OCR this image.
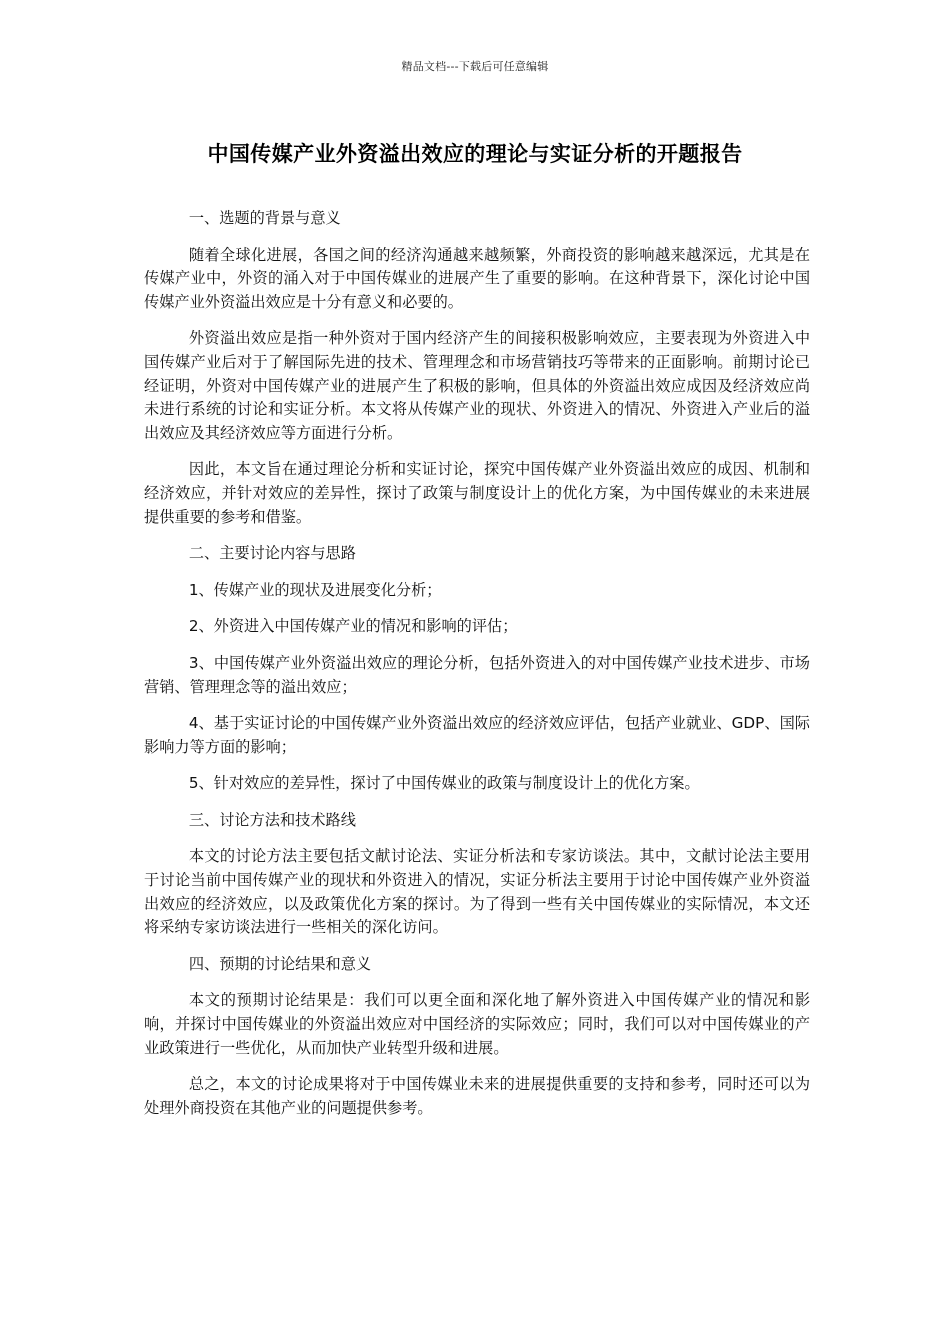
精品文档---下载后可任意编辑
中国传媒产业外资溢出效应的理论与实证分析的开题报告

一、选题的背景与意义

随着全球化进展，各国之间的经济沟通越来越频繁，外商投资的影响越来越深远，尤其是在传媒产业中，外资的涌入对于中国传媒业的进展产生了重要的影响。在这种背景下，深化讨论中国传媒产业外资溢出效应是十分有意义和必要的。

外资溢出效应是指一种外资对于国内经济产生的间接积极影响效应，主要表现为外资进入中国传媒产业后对于了解国际先进的技术、管理理念和市场营销技巧等带来的正面影响。前期讨论已经证明，外资对中国传媒产业的进展产生了积极的影响，但具体的外资溢出效应成因及经济效应尚未进行系统的讨论和实证分析。本文将从传媒产业的现状、外资进入的情况、外资进入产业后的溢出效应及其经济效应等方面进行分析。

因此，本文旨在通过理论分析和实证讨论，探究中国传媒产业外资溢出效应的成因、机制和经济效应，并针对效应的差异性，探讨了政策与制度设计上的优化方案，为中国传媒业的未来进展提供重要的参考和借鉴。

二、主要讨论内容与思路

1、传媒产业的现状及进展变化分析；

2、外资进入中国传媒产业的情况和影响的评估；

3、中国传媒产业外资溢出效应的理论分析，包括外资进入的对中国传媒产业技术进步、市场营销、管理理念等的溢出效应；

4、基于实证讨论的中国传媒产业外资溢出效应的经济效应评估，包括产业就业、GDP、国际影响力等方面的影响；

5、针对效应的差异性，探讨了中国传媒业的政策与制度设计上的优化方案。

三、讨论方法和技术路线

本文的讨论方法主要包括文献讨论法、实证分析法和专家访谈法。其中，文献讨论法主要用于讨论当前中国传媒产业的现状和外资进入的情况，实证分析法主要用于讨论中国传媒产业外资溢出效应的经济效应，以及政策优化方案的探讨。为了得到一些有关中国传媒业的实际情况，本文还将采纳专家访谈法进行一些相关的深化访问。

四、预期的讨论结果和意义

本文的预期讨论结果是：我们可以更全面和深化地了解外资进入中国传媒产业的情况和影响，并探讨中国传媒业的外资溢出效应对中国经济的实际效应；同时，我们可以对中国传媒业的产业政策进行一些优化，从而加快产业转型升级和进展。

总之，本文的讨论成果将对于中国传媒业未来的进展提供重要的支持和参考，同时还可以为处理外商投资在其他产业的问题提供参考。
